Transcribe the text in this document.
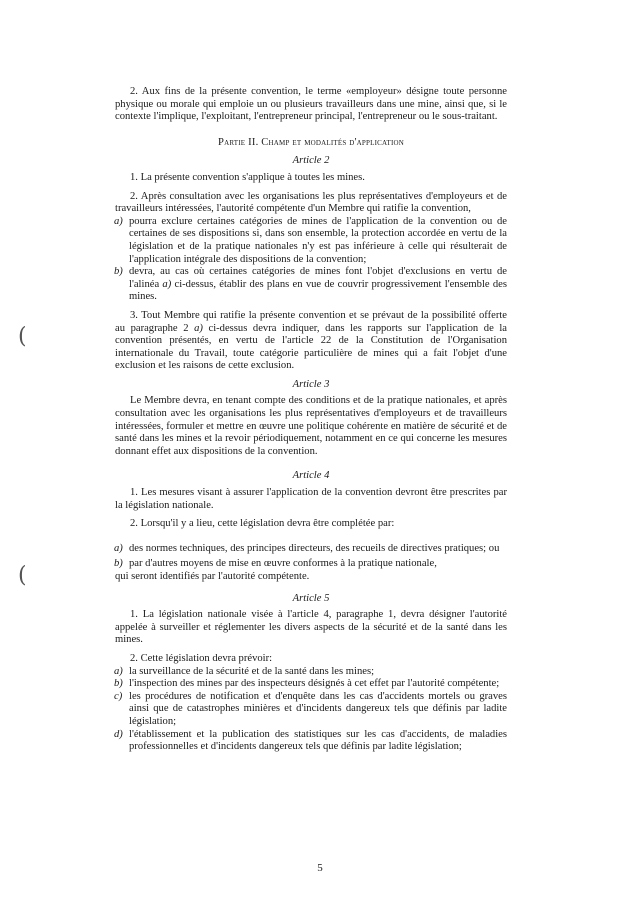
(
(

2. Aux fins de la présente convention, le terme «employeur» désigne toute personne physique ou morale qui emploie un ou plusieurs travailleurs dans une mine, ainsi que, si le contexte l'implique, l'exploitant, l'entrepreneur principal, l'entrepreneur ou le sous-traitant.

Partie II. Champ et modalités d'application
Article 2

1. La présente convention s'applique à toutes les mines.

2. Après consultation avec les organisations les plus représentatives d'employeurs et de travailleurs intéressées, l'autorité compétente d'un Membre qui ratifie la convention,

a) pourra exclure certaines catégories de mines de l'application de la convention ou de certaines de ses dispositions si, dans son ensemble, la protection accordée en vertu de la législation et de la pratique nationales n'y est pas inférieure à celle qui résulterait de l'application intégrale des dispositions de la convention;
b) devra, au cas où certaines catégories de mines font l'objet d'exclusions en vertu de l'alinéa a) ci-dessus, établir des plans en vue de couvrir progressivement l'ensemble des mines.

3. Tout Membre qui ratifie la présente convention et se prévaut de la possibilité offerte au paragraphe 2 a) ci-dessus devra indiquer, dans les rapports sur l'application de la convention présentés, en vertu de l'article 22 de la Constitution de l'Organisation internationale du Travail, toute catégorie particulière de mines qui a fait l'objet d'une exclusion et les raisons de cette exclusion.

Article 3

Le Membre devra, en tenant compte des conditions et de la pratique nationales, et après consultation avec les organisations les plus représentatives d'employeurs et de travailleurs intéressées, formuler et mettre en œuvre une politique cohérente en matière de sécurité et de santé dans les mines et la revoir périodiquement, notamment en ce qui concerne les mesures donnant effet aux dispositions de la convention.

Article 4

1. Les mesures visant à assurer l'application de la convention devront être prescrites par la législation nationale.

2. Lorsqu'il y a lieu, cette législation devra être complétée par:

a) des normes techniques, des principes directeurs, des recueils de directives pratiques; ou
b) par d'autres moyens de mise en œuvre conformes à la pratique nationale,

qui seront identifiés par l'autorité compétente.

Article 5

1. La législation nationale visée à l'article 4, paragraphe 1, devra désigner l'autorité appelée à surveiller et réglementer les divers aspects de la sécurité et de la santé dans les mines.

2. Cette législation devra prévoir:

a) la surveillance de la sécurité et de la santé dans les mines;
b) l'inspection des mines par des inspecteurs désignés à cet effet par l'autorité compétente;
c) les procédures de notification et d'enquête dans les cas d'accidents mortels ou graves ainsi que de catastrophes minières et d'incidents dangereux tels que définis par ladite législation;
d) l'établissement et la publication des statistiques sur les cas d'accidents, de maladies professionnelles et d'incidents dangereux tels que définis par ladite législation;
5
